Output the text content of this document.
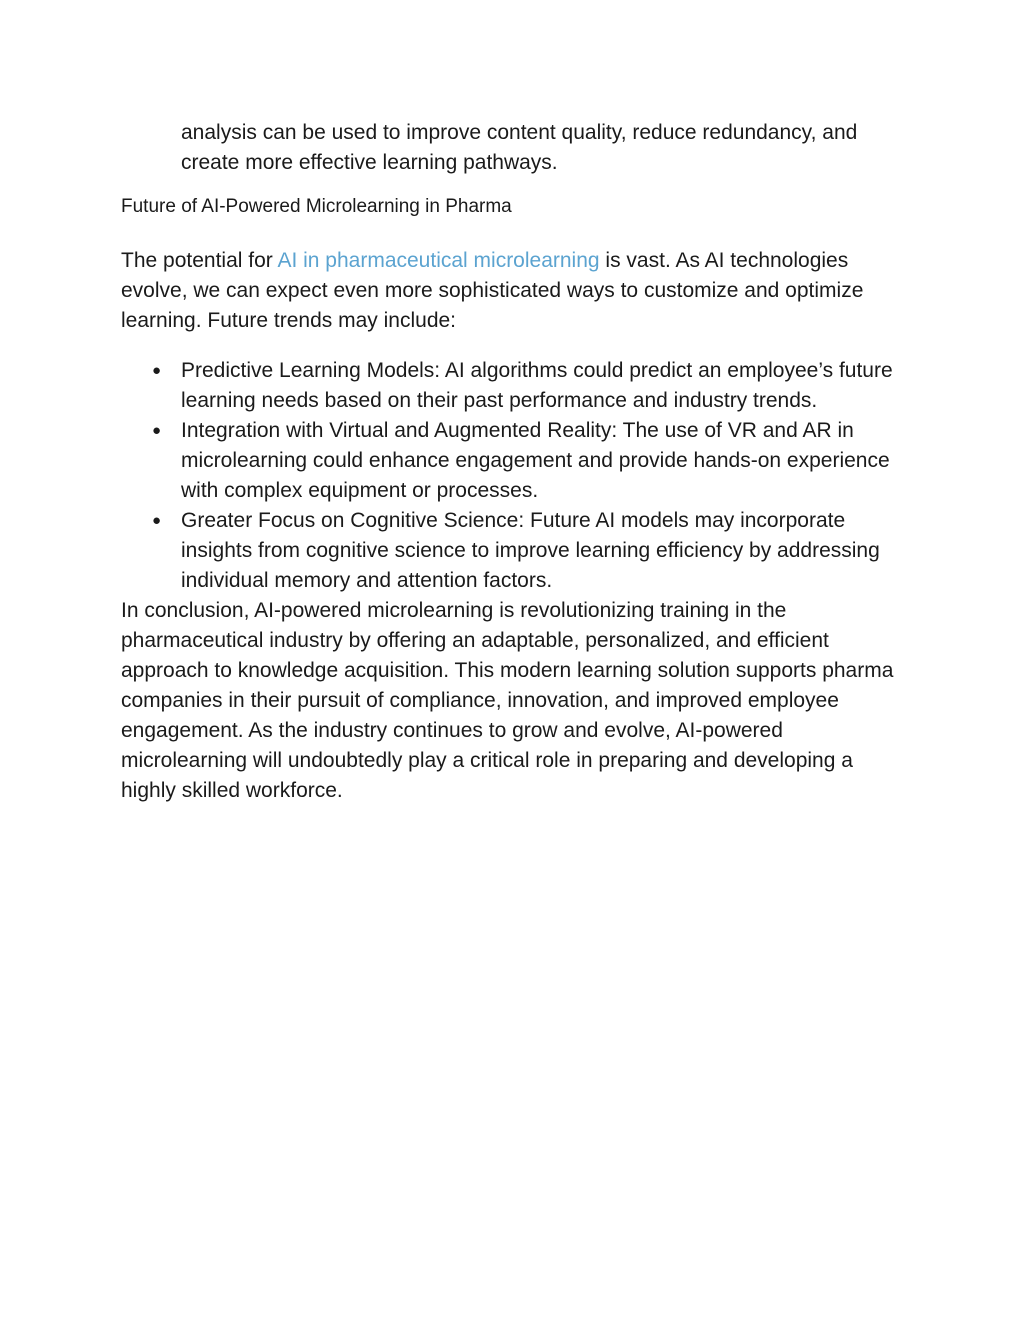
analysis can be used to improve content quality, reduce redundancy, and create more effective learning pathways.

Future of AI-Powered Microlearning in Pharma

The potential for AI in pharmaceutical microlearning is vast. As AI technologies evolve, we can expect even more sophisticated ways to customize and optimize learning. Future trends may include:

● Predictive Learning Models: AI algorithms could predict an employee’s future learning needs based on their past performance and industry trends.
● Integration with Virtual and Augmented Reality: The use of VR and AR in microlearning could enhance engagement and provide hands-on experience with complex equipment or processes.
● Greater Focus on Cognitive Science: Future AI models may incorporate insights from cognitive science to improve learning efficiency by addressing individual memory and attention factors.

In conclusion, AI-powered microlearning is revolutionizing training in the pharmaceutical industry by offering an adaptable, personalized, and efficient approach to knowledge acquisition. This modern learning solution supports pharma companies in their pursuit of compliance, innovation, and improved employee engagement. As the industry continues to grow and evolve, AI-powered microlearning will undoubtedly play a critical role in preparing and developing a highly skilled workforce.
